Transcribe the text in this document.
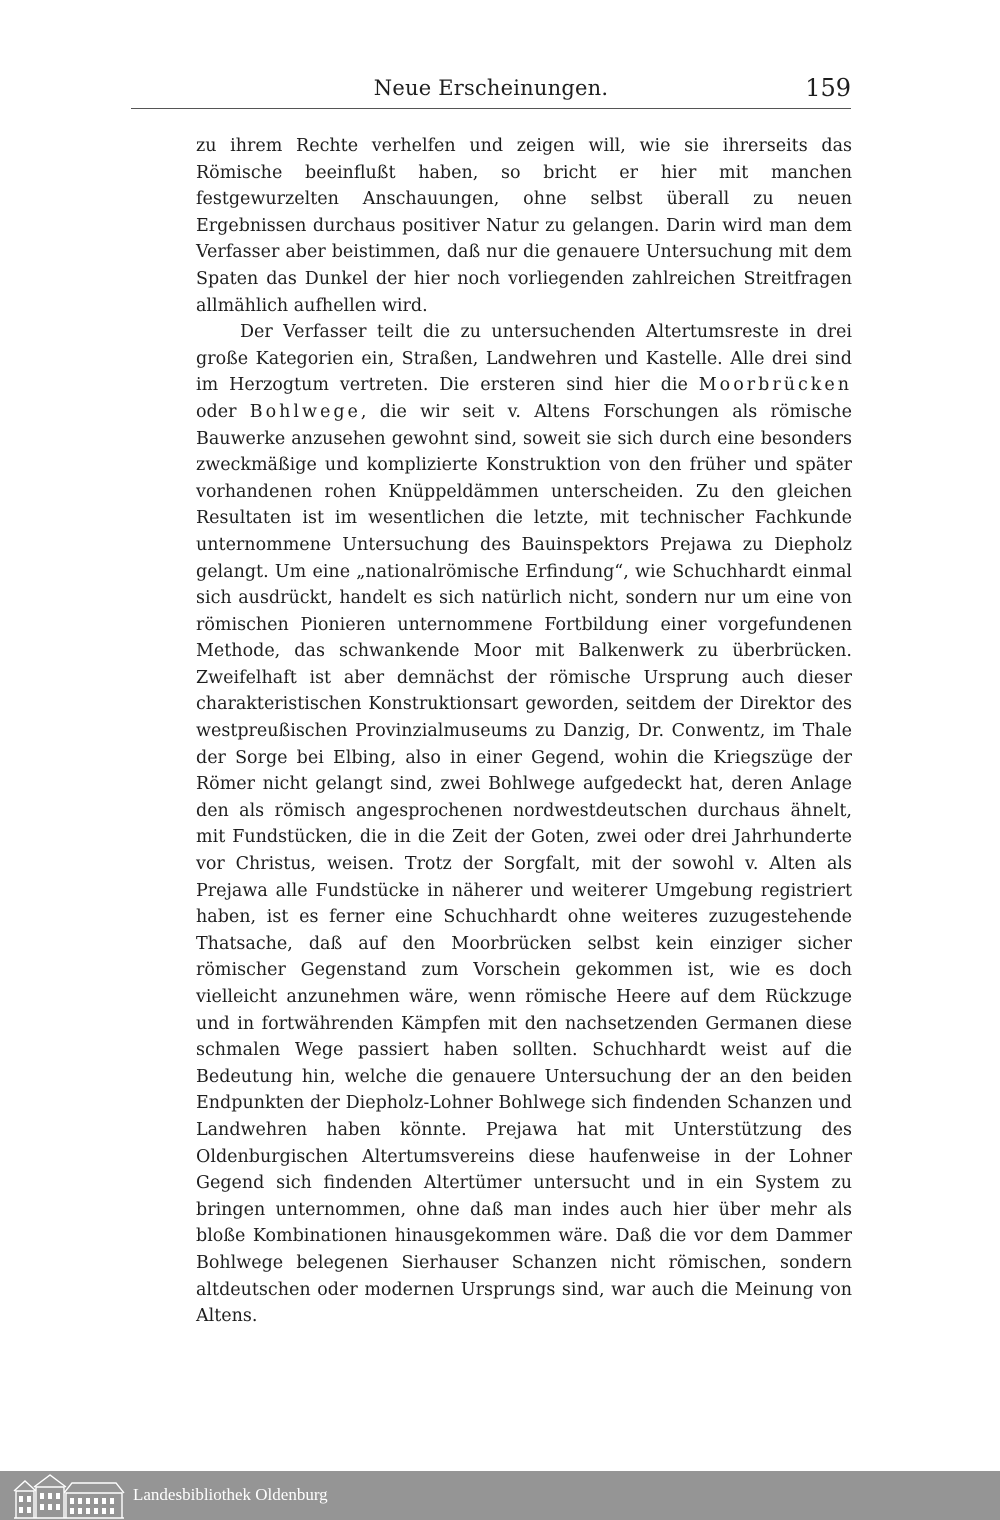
Neue Erscheinungen.	159

zu ihrem Rechte verhelfen und zeigen will, wie sie ihrerseits das Römische beeinflußt haben, so bricht er hier mit manchen festgewurzelten Anschauungen, ohne selbst überall zu neuen Ergebnissen durchaus positiver Natur zu gelangen. Darin wird man dem Verfasser aber beistimmen, daß nur die genauere Untersuchung mit dem Spaten das Dunkel der hier noch vorliegenden zahlreichen Streitfragen allmählich aufhellen wird.

Der Verfasser teilt die zu untersuchenden Altertumsreste in drei große Kategorien ein, Straßen, Landwehren und Kastelle. Alle drei sind im Herzogtum vertreten. Die ersteren sind hier die Moorbrücken oder Bohlwege, die wir seit v. Altens Forschungen als römische Bauwerke anzusehen gewohnt sind, soweit sie sich durch eine besonders zweckmäßige und komplizierte Konstruktion von den früher und später vorhandenen rohen Knüppeldämmen unterscheiden. Zu den gleichen Resultaten ist im wesentlichen die letzte, mit technischer Fachkunde unternommene Untersuchung des Bauinspektors Prejawa zu Diepholz gelangt. Um eine „nationalrömische Erfindung“, wie Schuchhardt einmal sich ausdrückt, handelt es sich natürlich nicht, sondern nur um eine von römischen Pionieren unternommene Fortbildung einer vorgefundenen Methode, das schwankende Moor mit Balkenwerk zu überbrücken. Zweifelhaft ist aber demnächst der römische Ursprung auch dieser charakteristischen Konstruktionsart geworden, seitdem der Direktor des westpreußischen Provinzialmuseums zu Danzig, Dr. Conwentz, im Thale der Sorge bei Elbing, also in einer Gegend, wohin die Kriegszüge der Römer nicht gelangt sind, zwei Bohlwege aufgedeckt hat, deren Anlage den als römisch angesprochenen nordwestdeutschen durchaus ähnelt, mit Fundstücken, die in die Zeit der Goten, zwei oder drei Jahrhunderte vor Christus, weisen. Trotz der Sorgfalt, mit der sowohl v. Alten als Prejawa alle Fundstücke in näherer und weiterer Umgebung registriert haben, ist es ferner eine Schuchhardt ohne weiteres zuzugestehende Thatsache, daß auf den Moorbrücken selbst kein einziger sicher römischer Gegenstand zum Vorschein gekommen ist, wie es doch vielleicht anzunehmen wäre, wenn römische Heere auf dem Rückzuge und in fortwährenden Kämpfen mit den nachsetzenden Germanen diese schmalen Wege passiert haben sollten. Schuchhardt weist auf die Bedeutung hin, welche die genauere Untersuchung der an den beiden Endpunkten der Diepholz-Lohner Bohlwege sich findenden Schanzen und Landwehren haben könnte. Prejawa hat mit Unterstützung des Oldenburgischen Altertumsvereins diese haufenweise in der Lohner Gegend sich findenden Altertümer untersucht und in ein System zu bringen unternommen, ohne daß man indes auch hier über mehr als bloße Kombinationen hinausgekommen wäre. Daß die vor dem Dammer Bohlwege belegenen Sierhauser Schanzen nicht römischen, sondern altdeutschen oder modernen Ursprungs sind, war auch die Meinung von Altens.

Landesbibliothek Oldenburg
